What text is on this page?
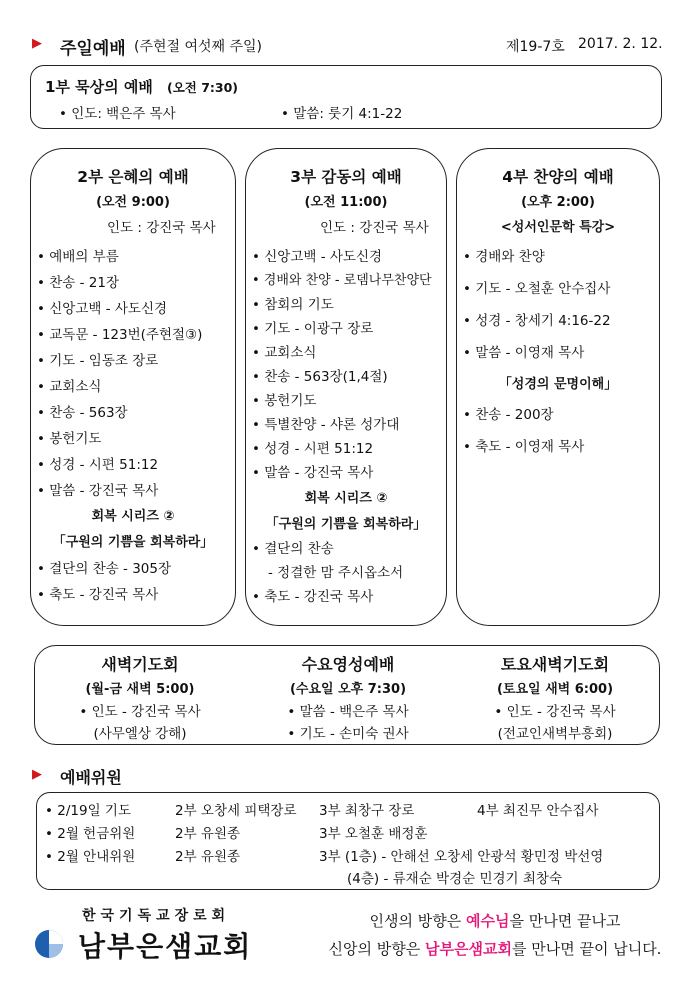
▶ 주일예배 (주현절 여섯째 주일)	제19-7호 2017. 2. 12.
1부 묵상의 예배 (오전 7:30)
• 인도: 백은주 목사	• 말씀: 룻기 4:1-22
2부 은혜의 예배
(오전 9:00)
인도 : 강진국 목사
• 예배의 부름
• 찬송 - 21장
• 신앙고백 - 사도신경
• 교독문 - 123번(주현절③)
• 기도 - 임동조 장로
• 교회소식
• 찬송 - 563장
• 봉헌기도
• 성경 - 시편 51:12
• 말씀 - 강진국 목사
회복 시리즈 ②
「구원의 기쁨을 회복하라」
• 결단의 찬송 - 305장
• 축도 - 강진국 목사
3부 감동의 예배
(오전 11:00)
인도 : 강진국 목사
• 신앙고백 - 사도신경
• 경배와 찬양 - 로뎀나무찬양단
• 참회의 기도
• 기도 - 이광구 장로
• 교회소식
• 찬송 - 563장(1,4절)
• 봉헌기도
• 특별찬양 - 샤론 성가대
• 성경 - 시편 51:12
• 말씀 - 강진국 목사
회복 시리즈 ②
「구원의 기쁨을 회복하라」
• 결단의 찬송
- 정결한 맘 주시옵소서
• 축도 - 강진국 목사
4부 찬양의 예배
(오후 2:00)
<성서인문학 특강>
• 경배와 찬양
• 기도 - 오철훈 안수집사
• 성경 - 창세기 4:16-22
• 말씀 - 이영재 목사
「성경의 문명이해」
• 찬송 - 200장
• 축도 - 이영재 목사
새벽기도회
(월-금 새벽 5:00)
• 인도 - 강진국 목사
(사무엘상 강해)
수요영성예배
(수요일 오후 7:30)
• 말씀 - 백은주 목사
• 기도 - 손미숙 권사
토요새벽기도회
(토요일 새벽 6:00)
• 인도 - 강진국 목사
(전교인새벽부흥회)
▶ 예배위원
• 2/19일 기도	2부 오창세 피택장로 3부 최창구 장로	4부 최진무 안수집사
• 2월 헌금위원	2부 유원종	3부 오철훈 배정훈
• 2월 안내위원	2부 유원종	3부 (1층) - 안해선 오창세 안광석 황민정 박선영
(4층) - 류재순 박경순 민경기 최창숙
한국기독교장로회
남부은샘교회
인생의 방향은 예수님을 만나면 끝나고
신앙의 방향은 남부은샘교회를 만나면 끝이 납니다.
